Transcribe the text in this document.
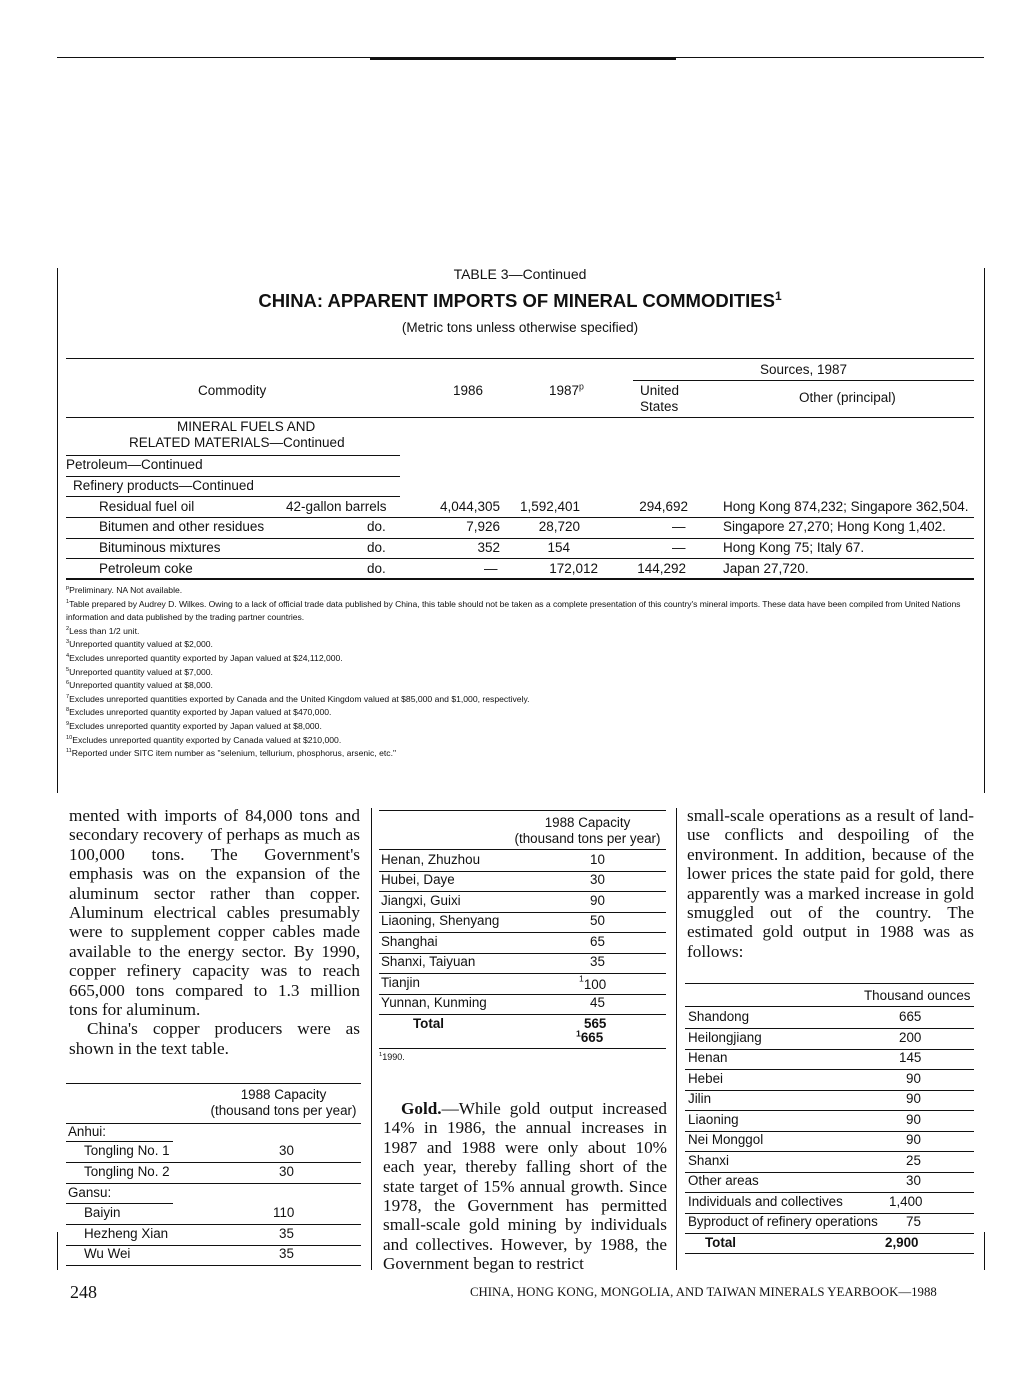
TABLE 3—Continued
CHINA: APPARENT IMPORTS OF MINERAL COMMODITIES$^1$
(Metric tons unless otherwise specified)
Commodity	1986	1987$^p$
Sources, 1987
United States
Other (principal)
MINERAL FUELS AND
RELATED MATERIALS—Continued
Petroleum—Continued
Refinery products—Continued
Residual fuel oil	42-gallon barrels	4,044,305	1,592,401	294,692	Hong Kong 874,232; Singapore 362,504.
Bitumen and other residues	do.	7,926	28,720	—	Singapore 27,270; Hong Kong 1,402.
Bituminous mixtures	do.	352	154	—	Hong Kong 75; Italy 67.
Petroleum coke	do.	—	172,012	144,292	Japan 27,720.
$^p$Preliminary. NA Not available.
$^1$Table prepared by Audrey D. Wilkes. Owing to a lack of official trade data published by China, this table should not be taken as a complete presentation of this country's mineral imports. These data have been compiled from United Nations information and data published by the trading partner countries.
$^2$Less than 1/2 unit.
$^3$Unreported quantity valued at $2,000.
$^4$Excludes unreported quantity exported by Japan valued at $24,112,000.
$^5$Unreported quantity valued at $7,000.
$^6$Unreported quantity valued at $8,000.
$^7$Excludes unreported quantities exported by Canada and the United Kingdom valued at $85,000 and $1,000, respectively.
$^8$Excludes unreported quantity exported by Japan valued at $470,000.
$^9$Excludes unreported quantity exported by Japan valued at $8,000.
$^{10}$Excludes unreported quantity exported by Canada valued at $210,000.
$^{11}$Reported under SITC item number as "selenium, tellurium, phosphorus, arsenic, etc."

mented with imports of 84,000 tons and secondary recovery of perhaps as much as 100,000 tons. The Government's emphasis was on the expansion of the aluminum sector rather than copper. Aluminum electrical cables presumably were to supplement copper cables made available to the energy sector. By 1990, copper refinery capacity was to reach 665,000 tons compared to 1.3 million tons for aluminum.

China's copper producers were as shown in the text table.

1988 Capacity
(thousand tons per year)
Anhui:
Tongling No. 1	30
Tongling No. 2	30
Gansu:
Baiyin	110
Hezheng Xian	35
Wu Wei	35
1988 Capacity
(thousand tons per year)
Henan, Zhuzhou	10
Hubei, Daye	30
Jiangxi, Guixi	90
Liaoning, Shenyang	50
Shanghai	65
Shanxi, Taiyuan	35
Tianjin	$^1$ 100
Yunnan, Kunming	45
Total	565
$^1$665
$^1$1990.

Gold.—While gold output increased 14% in 1986, the annual increases in 1987 and 1988 were only about 10% each year, thereby falling short of the state target of 15% annual growth. Since 1978, the Government has permitted small-scale gold mining by individuals and collectives. However, by 1988, the Government began to restrict

small-scale operations as a result of land-use conflicts and despoiling of the environment. In addition, because of the lower prices the state paid for gold, there apparently was a marked increase in gold smuggled out of the country. The estimated gold output in 1988 was as follows:

Thousand ounces
Shandong	665
Heilongjiang	200
Henan	145
Hebei	90
Jilin	90
Liaoning	90
Nei Monggol	90
Shanxi	25
Other areas	30
Individuals and collectives	1,400
Byproduct of refinery operations 75
Total	2,900
248	CHINA, HONG KONG, MONGOLIA, AND TAIWAN MINERALS YEARBOOK—1988
